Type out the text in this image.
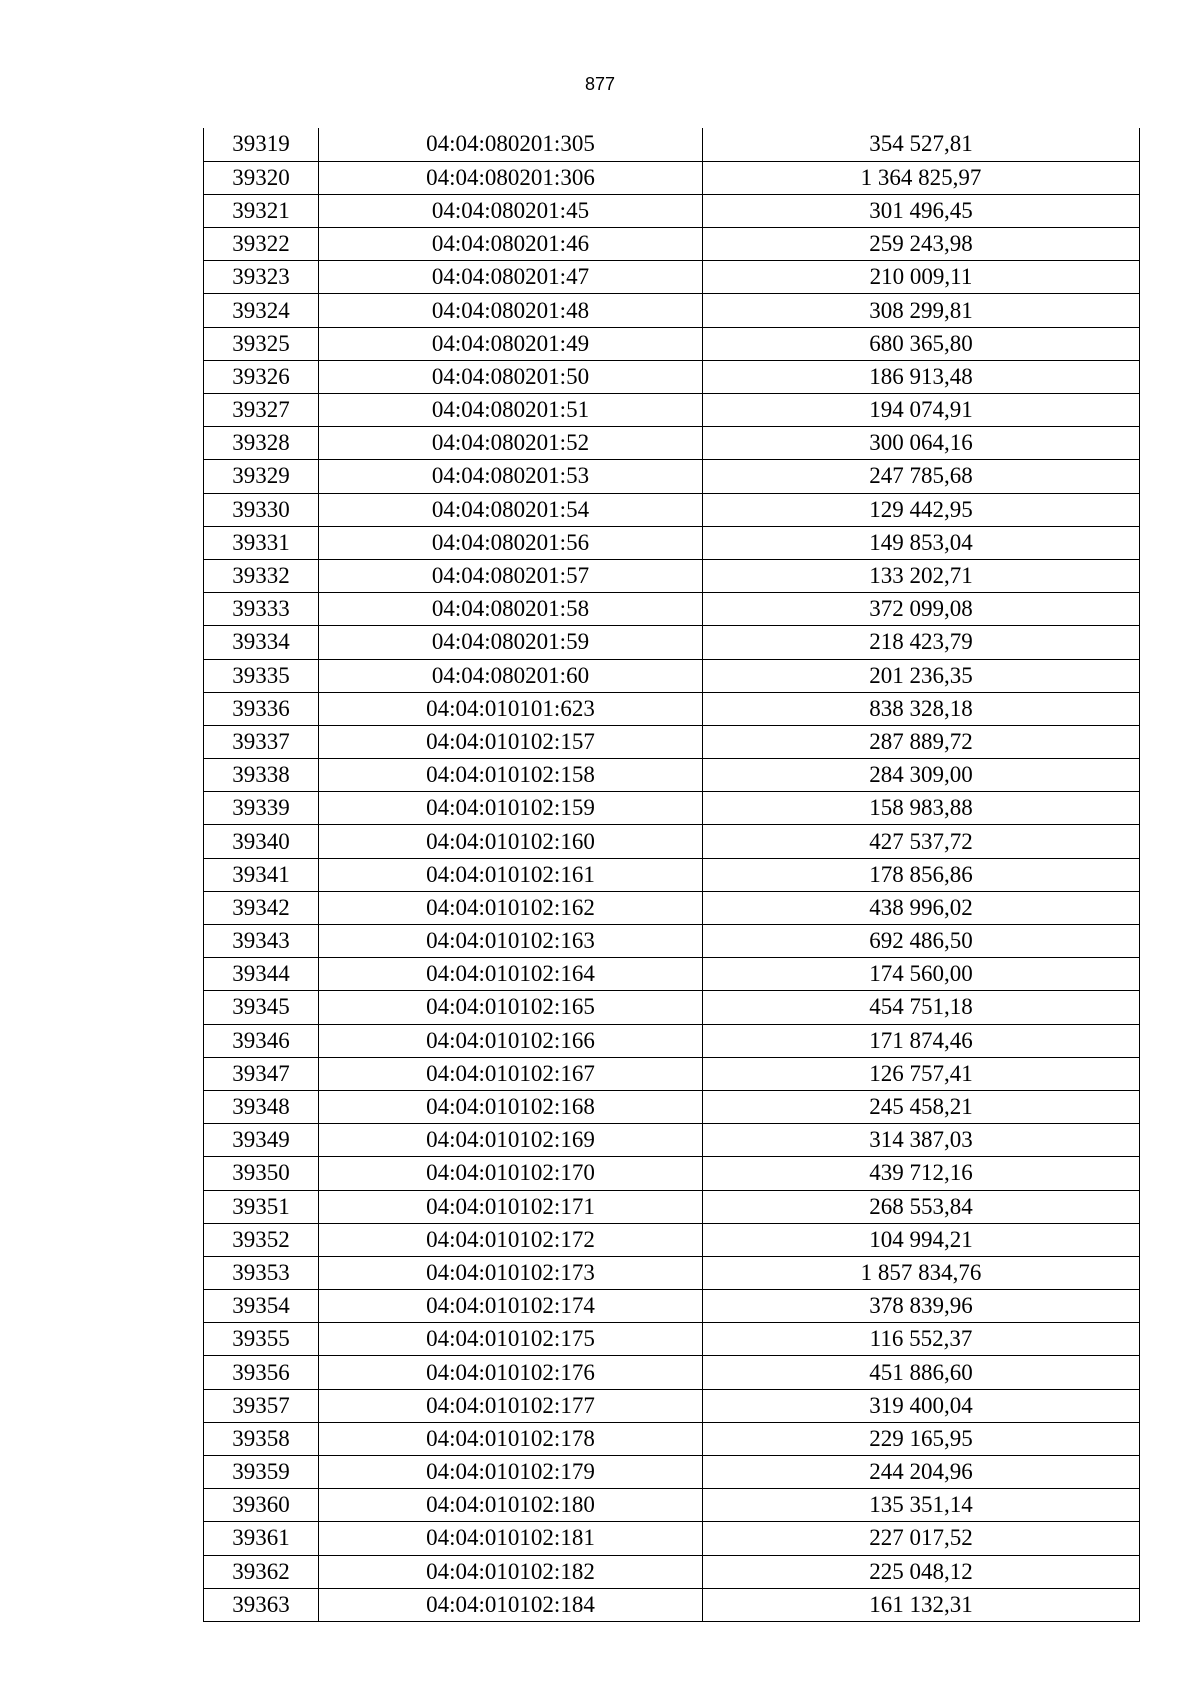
877
39319	04:04:080201:305	354 527,81
39320	04:04:080201:306	1 364 825,97
39321	04:04:080201:45	301 496,45
39322	04:04:080201:46	259 243,98
39323	04:04:080201:47	210 009,11
39324	04:04:080201:48	308 299,81
39325	04:04:080201:49	680 365,80
39326	04:04:080201:50	186 913,48
39327	04:04:080201:51	194 074,91
39328	04:04:080201:52	300 064,16
39329	04:04:080201:53	247 785,68
39330	04:04:080201:54	129 442,95
39331	04:04:080201:56	149 853,04
39332	04:04:080201:57	133 202,71
39333	04:04:080201:58	372 099,08
39334	04:04:080201:59	218 423,79
39335	04:04:080201:60	201 236,35
39336	04:04:010101:623	838 328,18
39337	04:04:010102:157	287 889,72
39338	04:04:010102:158	284 309,00
39339	04:04:010102:159	158 983,88
39340	04:04:010102:160	427 537,72
39341	04:04:010102:161	178 856,86
39342	04:04:010102:162	438 996,02
39343	04:04:010102:163	692 486,50
39344	04:04:010102:164	174 560,00
39345	04:04:010102:165	454 751,18
39346	04:04:010102:166	171 874,46
39347	04:04:010102:167	126 757,41
39348	04:04:010102:168	245 458,21
39349	04:04:010102:169	314 387,03
39350	04:04:010102:170	439 712,16
39351	04:04:010102:171	268 553,84
39352	04:04:010102:172	104 994,21
39353	04:04:010102:173	1 857 834,76
39354	04:04:010102:174	378 839,96
39355	04:04:010102:175	116 552,37
39356	04:04:010102:176	451 886,60
39357	04:04:010102:177	319 400,04
39358	04:04:010102:178	229 165,95
39359	04:04:010102:179	244 204,96
39360	04:04:010102:180	135 351,14
39361	04:04:010102:181	227 017,52
39362	04:04:010102:182	225 048,12
39363	04:04:010102:184	161 132,31
